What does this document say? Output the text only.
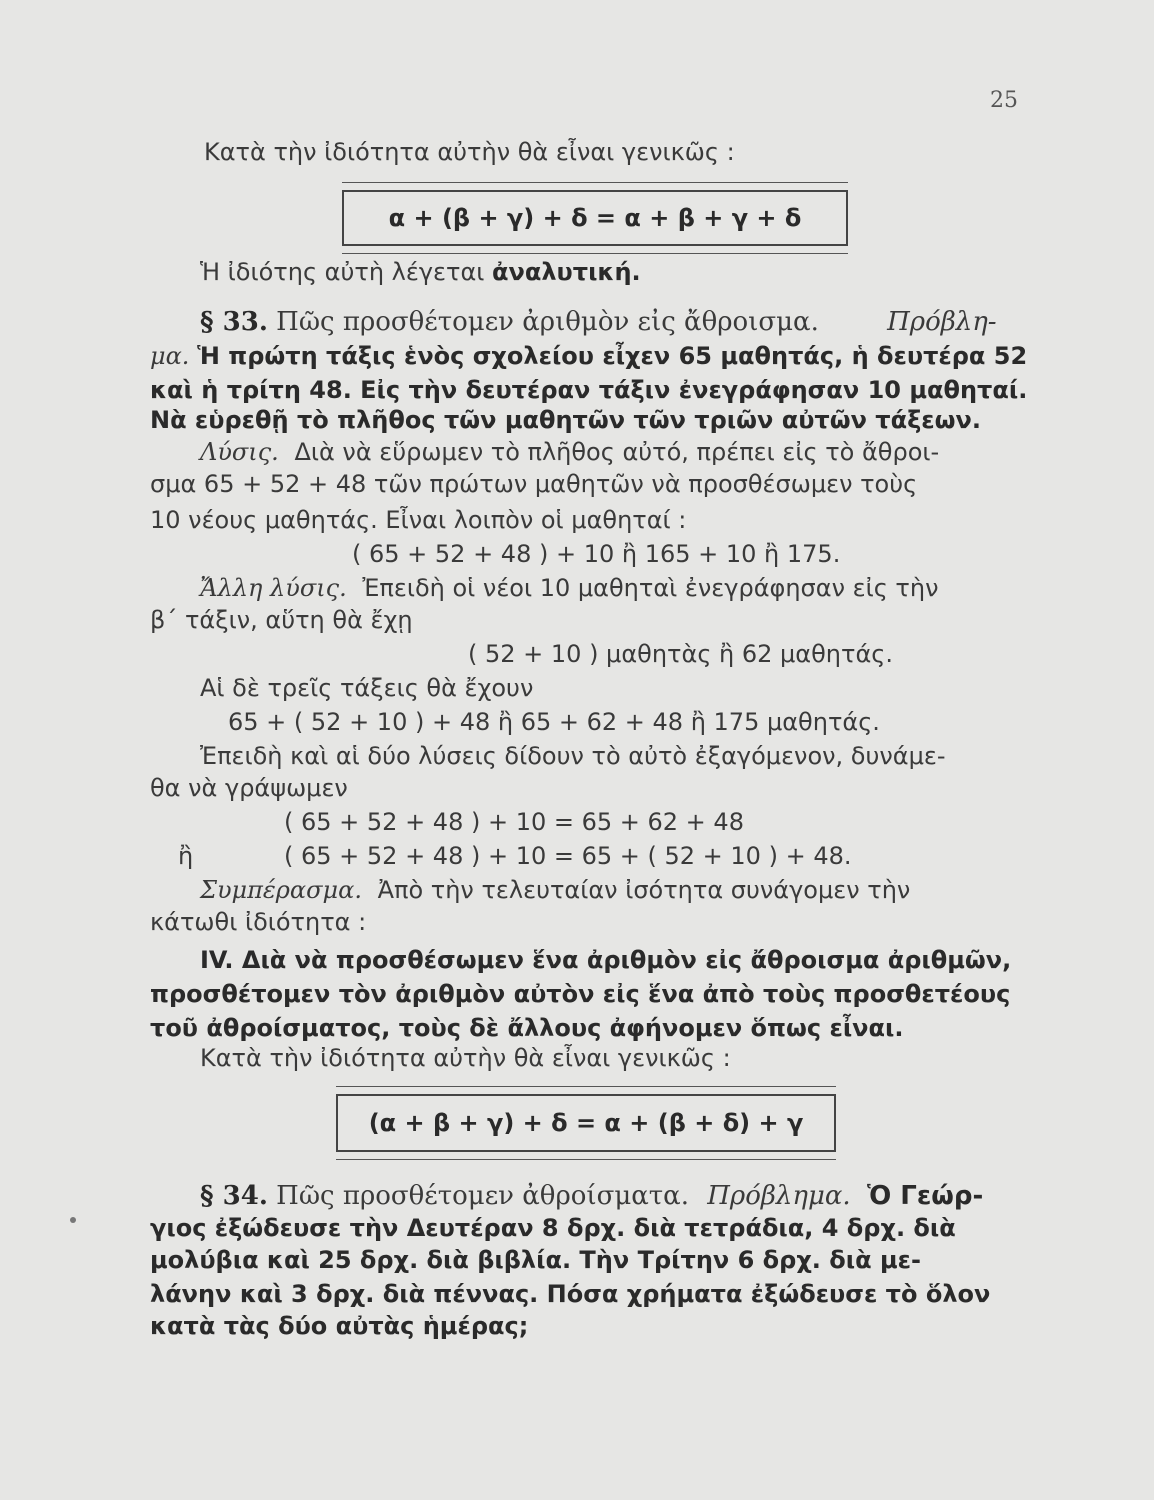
25
Κατὰ τὴν ἰδιότητα αὐτὴν θὰ εἶναι γενικῶς :
α + (β + γ) + δ = α + β + γ + δ
Ἡ ἰδιότης αὐτὴ λέγεται ἀναλυτική.
§ 33. Πῶς προσθέτομεν ἀριθμὸν εἰς ἄθροισμα.	Πρόβλη-
μα. Ἡ πρώτη τάξις ἑνὸς σχολείου εἶχεν 65 μαθητάς, ἡ δευτέρα 52
καὶ ἡ τρίτη 48. Εἰς τὴν δευτέραν τάξιν ἐνεγράφησαν 10 μαθηταί.
Νὰ εὑρεθῇ τὸ πλῆθος τῶν μαθητῶν τῶν τριῶν αὐτῶν τάξεων.
Λύσις. Διὰ νὰ εὕρωμεν τὸ πλῆθος αὐτό, πρέπει εἰς τὸ ἄθροι-
σμα 65 + 52 + 48 τῶν πρώτων μαθητῶν νὰ προσθέσωμεν τοὺς
10 νέους μαθητάς. Εἶναι λοιπὸν οἱ μαθηταί :
( 65 + 52 + 48 ) + 10 ἢ 165 + 10 ἢ 175.
Ἄλλη λύσις. Ἐπειδὴ οἱ νέοι 10 μαθηταὶ ἐνεγράφησαν εἰς τὴν
β΄ τάξιν, αὕτη θὰ ἔχῃ
( 52 + 10 ) μαθητὰς ἢ 62 μαθητάς.
Αἱ δὲ τρεῖς τάξεις θὰ ἔχουν
65 + ( 52 + 10 ) + 48 ἢ 65 + 62 + 48 ἢ 175 μαθητάς.
Ἐπειδὴ καὶ αἱ δύο λύσεις δίδουν τὸ αὐτὸ ἐξαγόμενον, δυνάμε-
θα νὰ γράψωμεν
( 65 + 52 + 48 ) + 10 = 65 + 62 + 48
ἢ	( 65 + 52 + 48 ) + 10 = 65 + ( 52 + 10 ) + 48.
Συμπέρασμα. Ἀπὸ τὴν τελευταίαν ἰσότητα συνάγομεν τὴν
κάτωθι ἰδιότητα :
IV. Διὰ νὰ προσθέσωμεν ἕνα ἀριθμὸν εἰς ἄθροισμα ἀριθμῶν,
προσθέτομεν τὸν ἀριθμὸν αὐτὸν εἰς ἕνα ἀπὸ τοὺς προσθετέους
τοῦ ἀθροίσματος, τοὺς δὲ ἄλλους ἀφήνομεν ὅπως εἶναι.
Κατὰ τὴν ἰδιότητα αὐτὴν θὰ εἶναι γενικῶς :
(α + β + γ) + δ = α + (β + δ) + γ
§ 34. Πῶς προσθέτομεν ἀθροίσματα. Πρόβλημα. Ὁ Γεώρ-
γιος ἐξώδευσε τὴν Δευτέραν 8 δρχ. διὰ τετράδια, 4 δρχ. διὰ
μολύβια καὶ 25 δρχ. διὰ βιβλία. Τὴν Τρίτην 6 δρχ. διὰ με-
λάνην καὶ 3 δρχ. διὰ πέννας. Πόσα χρήματα ἐξώδευσε τὸ ὅλον
κατὰ τὰς δύο αὐτὰς ἡμέρας;
